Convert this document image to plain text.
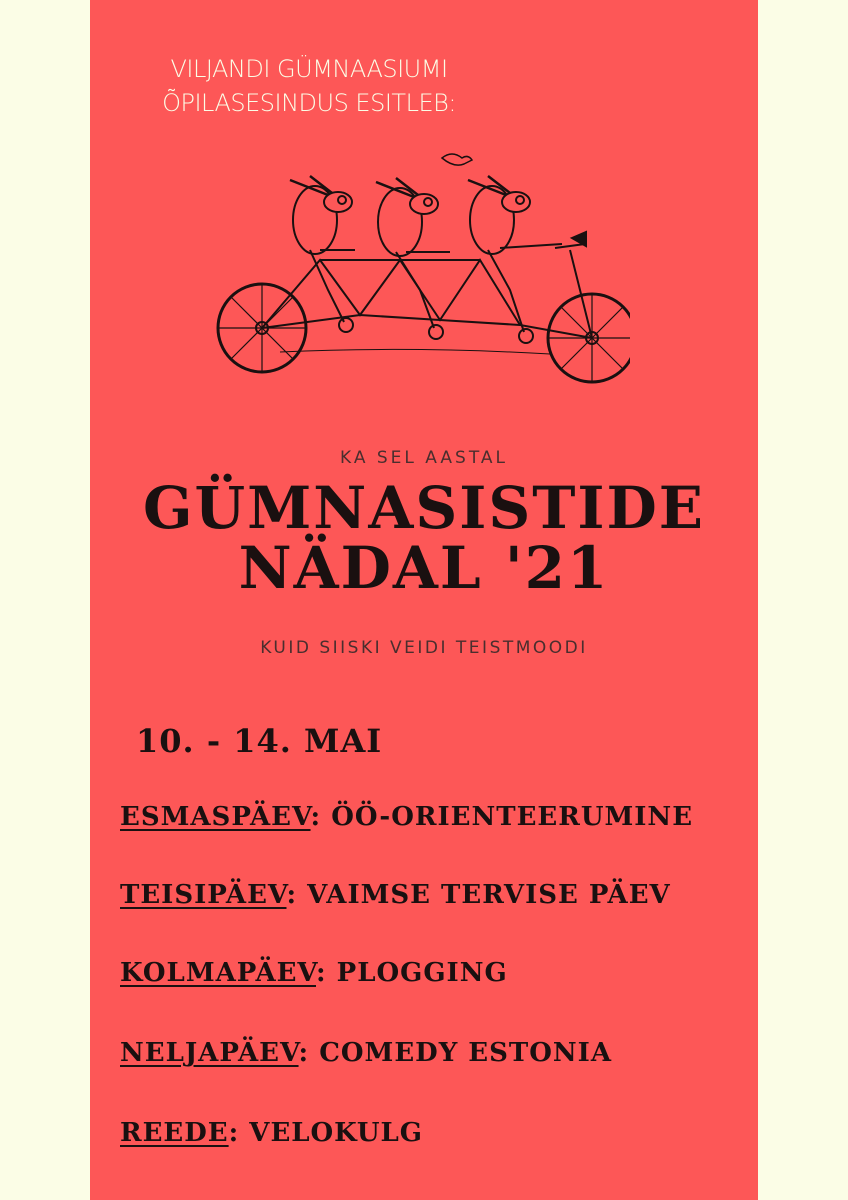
VILJANDI GÜMNAASIUMI
ÕPILASESINDUS ESITLEB:
KA SEL AASTAL
GÜMNASISTIDE
NÄDAL '21
KUID SIISKI VEIDI TEISTMOODI
10. - 14. MAI
ESMASPÄEV: ÖÖ-ORIENTEERUMINE
TEISIPÄEV: VAIMSE TERVISE PÄEV
KOLMAPÄEV: PLOGGING
NELJAPÄEV: COMEDY ESTONIA
REEDE: VELOKULG
